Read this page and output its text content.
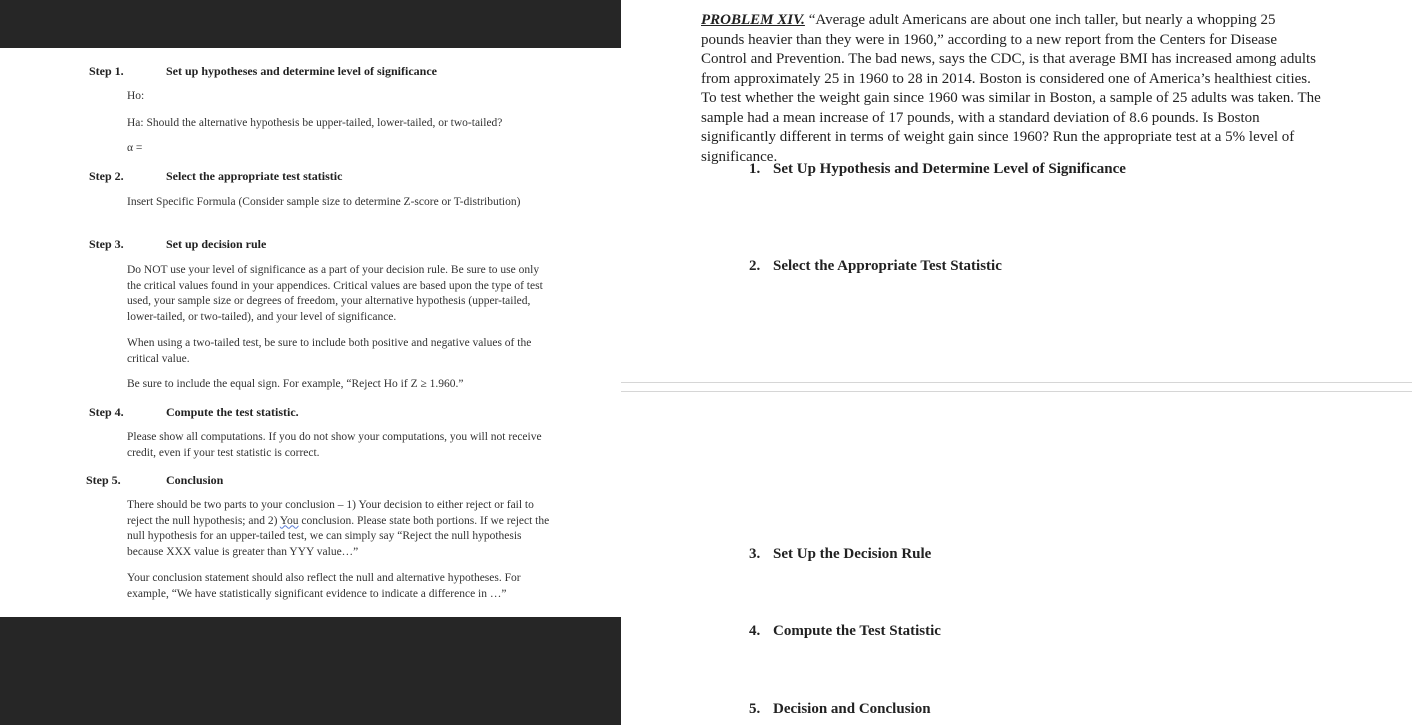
Step 1.	Set up hypotheses and determine level of significance
Ho:
Ha: Should the alternative hypothesis be upper-tailed, lower-tailed, or two-tailed?
α =
Step 2.	Select the appropriate test statistic
Insert Specific Formula (Consider sample size to determine Z-score or T-distribution)
Step 3.	Set up decision rule
Do NOT use your level of significance as a part of your decision rule. Be sure to use only the critical values found in your appendices. Critical values are based upon the type of test used, your sample size or degrees of freedom, your alternative hypothesis (upper-tailed, lower-tailed, or two-tailed), and your level of significance.
When using a two-tailed test, be sure to include both positive and negative values of the critical value.
Be sure to include the equal sign. For example, “Reject Ho if Z ≥ 1.960.”
Step 4.	Compute the test statistic.
Please show all computations. If you do not show your computations, you will not receive credit, even if your test statistic is correct.
Step 5.	Conclusion
There should be two parts to your conclusion – 1) Your decision to either reject or fail to reject the null hypothesis; and 2) You conclusion. Please state both portions. If we reject the null hypothesis for an upper-tailed test, we can simply say “Reject the null hypothesis because XXX value is greater than YYY value…”
Your conclusion statement should also reflect the null and alternative hypotheses. For example, “We have statistically significant evidence to indicate a difference in …”
PROBLEM XIV. “Average adult Americans are about one inch taller, but nearly a whopping 25 pounds heavier than they were in 1960,” according to a new report from the Centers for Disease Control and Prevention. The bad news, says the CDC, is that average BMI has increased among adults from approximately 25 in 1960 to 28 in 2014. Boston is considered one of America’s healthiest cities. To test whether the weight gain since 1960 was similar in Boston, a sample of 25 adults was taken. The sample had a mean increase of 17 pounds, with a standard deviation of 8.6 pounds. Is Boston significantly different in terms of weight gain since 1960? Run the appropriate test at a 5% level of significance.
1. Set Up Hypothesis and Determine Level of Significance
2. Select the Appropriate Test Statistic
3. Set Up the Decision Rule
4. Compute the Test Statistic
5. Decision and Conclusion
